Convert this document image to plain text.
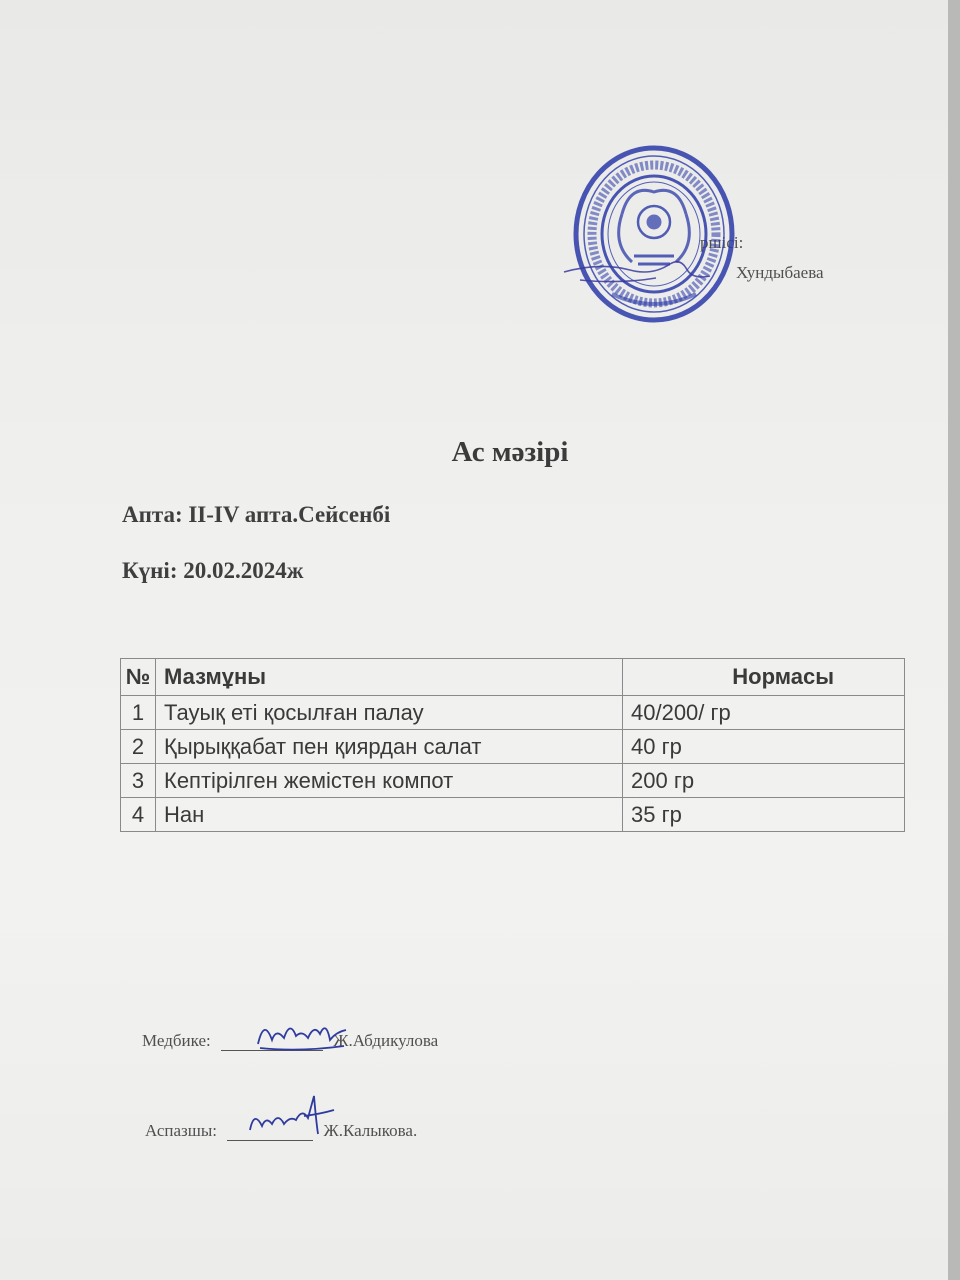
ршісі:
Хундыбаева
Ас мәзірі
Апта: II-IV апта.Сейсенбі
Күні: 20.02.2024ж
№	Мазмұны	Нормасы
1	Тауық еті қосылған палау	40/200/ гр
2	Қырыққабат пен қиярдан салат	40 гр
3	Кептірілген жемістен компот	200 гр
4	Нан	35 гр
Медбике:	Ж.Абдикулова
Аспазшы:	Ж.Калыкова.
